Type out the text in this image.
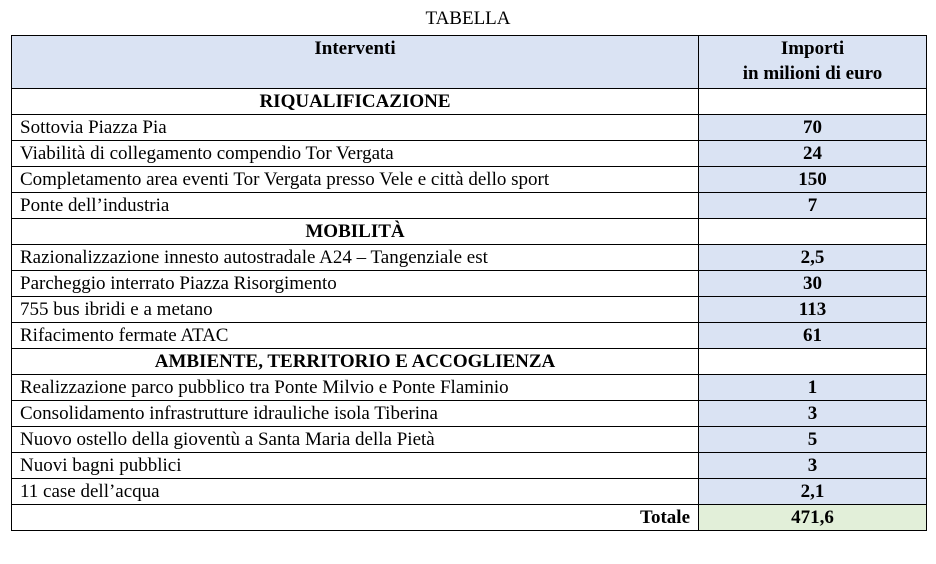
TABELLA
Interventi	Importi
in milioni di euro

RIQUALIFICAZIONE	
Sottovia Piazza Pia	70
Viabilità di collegamento compendio Tor Vergata	24
Completamento area eventi Tor Vergata presso Vele e città dello sport	150
Ponte dell’industria	7
MOBILITÀ	
Razionalizzazione innesto autostradale A24 – Tangenziale est	2,5
Parcheggio interrato Piazza Risorgimento	30
755 bus ibridi e a metano	113
Rifacimento fermate ATAC	61
AMBIENTE, TERRITORIO E ACCOGLIENZA	
Realizzazione parco pubblico tra Ponte Milvio e Ponte Flaminio	1
Consolidamento infrastrutture idrauliche isola Tiberina	3
Nuovo ostello della gioventù a Santa Maria della Pietà	5
Nuovi bagni pubblici	3
11 case dell’acqua	2,1
Totale	471,6
